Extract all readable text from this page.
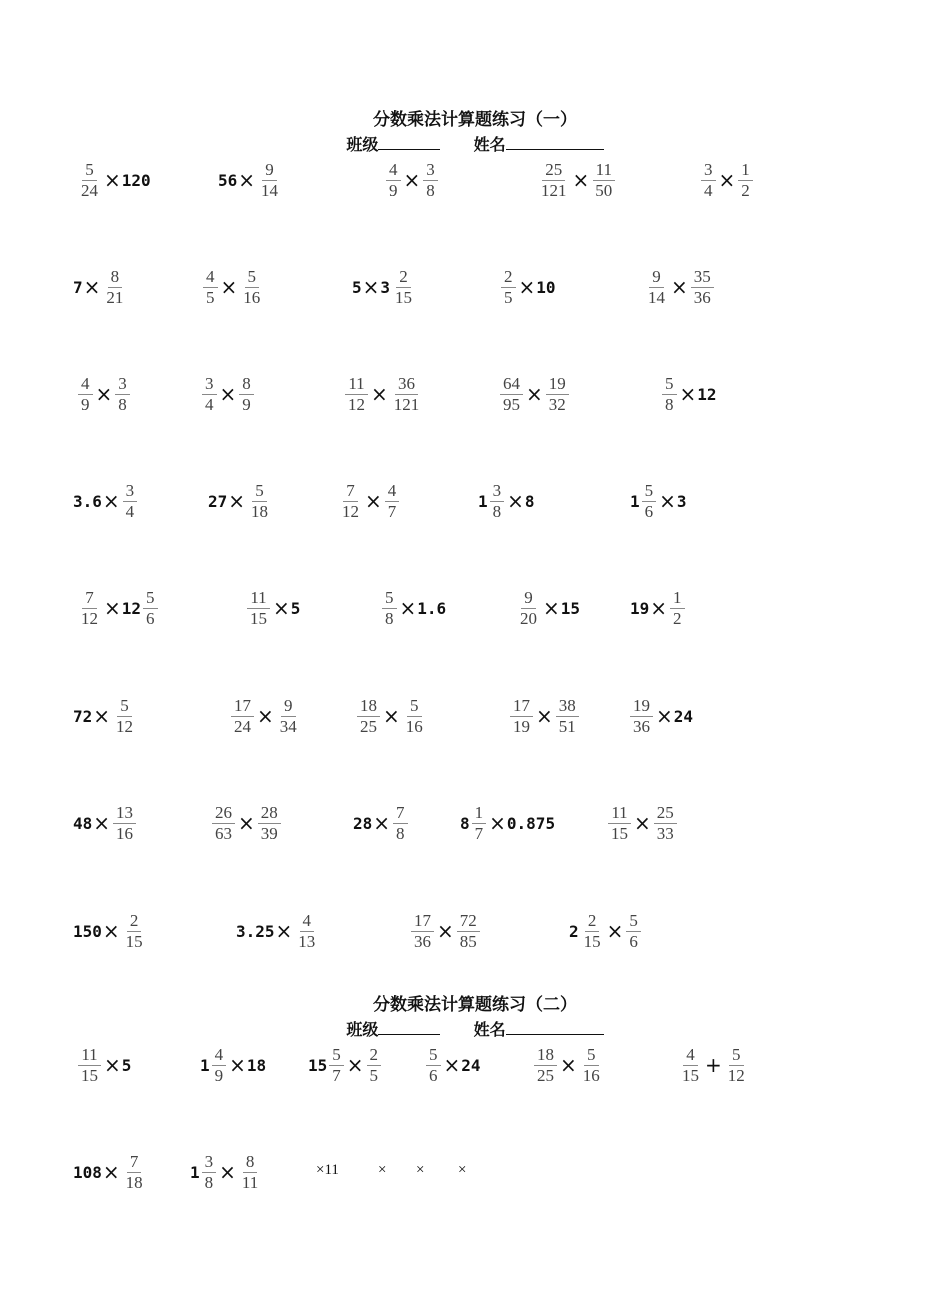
分数乘法计算题练习（一）
班级	姓名
分数乘法计算题练习（二）
班级	姓名
$\frac{5}{24} \times 120$	$56 \times \frac{9}{14}$	$\frac{4}{9} \times \frac{3}{8}$	$\frac{25}{121} \times \frac{11}{50}$	$\frac{3}{4} \times \frac{1}{2}$
$7 \times \frac{8}{21}$	$\frac{4}{5} \times \frac{5}{16}$	$5 \times 3 \frac{2}{15}$	$\frac{2}{5} \times 10$	$\frac{9}{14} \times \frac{35}{36}$
$\frac{4}{9} \times \frac{3}{8}$	$\frac{3}{4} \times \frac{8}{9}$	$\frac{11}{12} \times \frac{36}{121}$	$\frac{64}{95} \times \frac{19}{32}$	$\frac{5}{8} \times 12$
$3.6 \times \frac{3}{4}$	$27 \times \frac{5}{18}$	$\frac{7}{12} \times \frac{4}{7}$	$1 \frac{3}{8} \times 8$	$1 \frac{5}{6} \times 3$
$\frac{7}{12} \times 12 \frac{5}{6}$	$\frac{11}{15} \times 5$	$\frac{5}{8} \times 1.6$	$\frac{9}{20} \times 15$	$19 \times \frac{1}{2}$
$72 \times \frac{5}{12}$	$\frac{17}{24} \times \frac{9}{34}$	$\frac{18}{25} \times \frac{5}{16}$	$\frac{17}{19} \times \frac{38}{51}$	$\frac{19}{36} \times 24$
$48 \times \frac{13}{16}$	$\frac{26}{63} \times \frac{28}{39}$	$28 \times \frac{7}{8}$	$8 \frac{1}{7} \times 0.875$	$\frac{11}{15} \times \frac{25}{33}$
$150 \times \frac{2}{15}$	$3.25 \times \frac{4}{13}$	$\frac{17}{36} \times \frac{72}{85}$	$2 \frac{2}{15} \times \frac{5}{6}$
$\frac{11}{15} \times 5$	$1 \frac{4}{9} \times 18$	$15 \frac{5}{7} \times \frac{2}{5}$	$\frac{5}{6} \times 24$	$\frac{18}{25} \times \frac{5}{16}$	$\frac{4}{15} + \frac{5}{12}$
$108 \times \frac{7}{18}$	$1 \frac{3}{8} \times \frac{8}{11}$	×11	× × ×
